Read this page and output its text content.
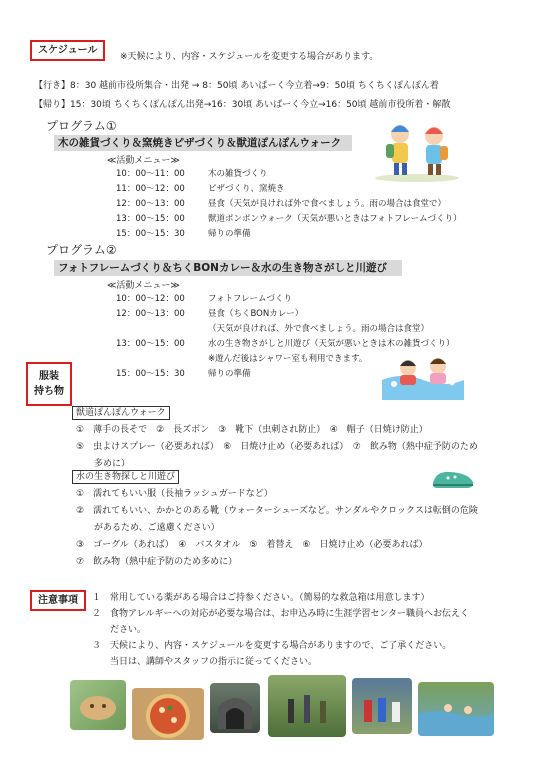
スケジュール
※天候により、内容・スケジュールを変更する場合があります。
【行き】8：30 越前市役所集合・出発 → 8：50頃 あいぱーく今立着→9：50頃 ちくちくぽんぽん着
【帰り】15：30頃 ちくちくぽんぽん出発→16：30頃 あいぱーく今立→16：50頃 越前市役所着・解散
プログラム①
木の雑貨づくり＆窯焼きピザづくり＆獣道ぽんぽんウォーク
≪活動メニュー≫
10：00～11：00	木の雑貨づくり
11：00～12：00	ピザづくり、窯焼き
12：00～13：00	昼食（天気が良ければ外で食べましょう。雨の場合は食堂で）
13：00～15：00	獣道ポンポンウォーク（天気が悪いときはフォトフレームづくり）
15：00～15：30	帰りの準備
プログラム②
フォトフレームづくり＆ちくBONカレー＆水の生き物さがしと川遊び
≪活動メニュー≫
10：00～12：00	フォトフレームづくり
12：00～13：00	昼食（ちくBONカレー）
（天気が良ければ、外で食べましょう。雨の場合は食堂）
13：00～15：00	水の生き物さがしと川遊び（天気が悪いときは木の雑貨づくり）
※遊んだ後はシャワー室も利用できます。
15：00～15：30	帰りの準備
服装
持ち物
獣道ぽんぽんウォーク
①　薄手の長そで　②　長ズボン　③　靴下（虫刺され防止）　④　帽子（日焼け防止）
⑤　虫よけスプレー（必要あれば）　⑥　日焼け止め（必要あれば）　⑦　飲み物（熱中症予防のため
　　多めに）
水の生き物探しと川遊び
①　濡れてもいい服（長袖ラッシュガードなど）
②　濡れてもいい、かかとのある靴（ウォーターシューズなど。サンダルやクロックスは転倒の危険
　　があるため、ご遠慮ください）
③　ゴーグル（あれば）　④　バスタオル　⑤　着替え　⑥　日焼け止め（必要あれば）
⑦　飲み物（熱中症予防のため多めに）
注意事項	１　常用している薬がある場合はご持参ください。（簡易的な救急箱は用意します）
２　食物アレルギーへの対応が必要な場合は、お申込み時に生涯学習センター職員へお伝えく
　　ださい。
３　天候により、内容・スケジュールを変更する場合がありますので、ご了承ください。
　　当日は、講師やスタッフの指示に従ってください。
